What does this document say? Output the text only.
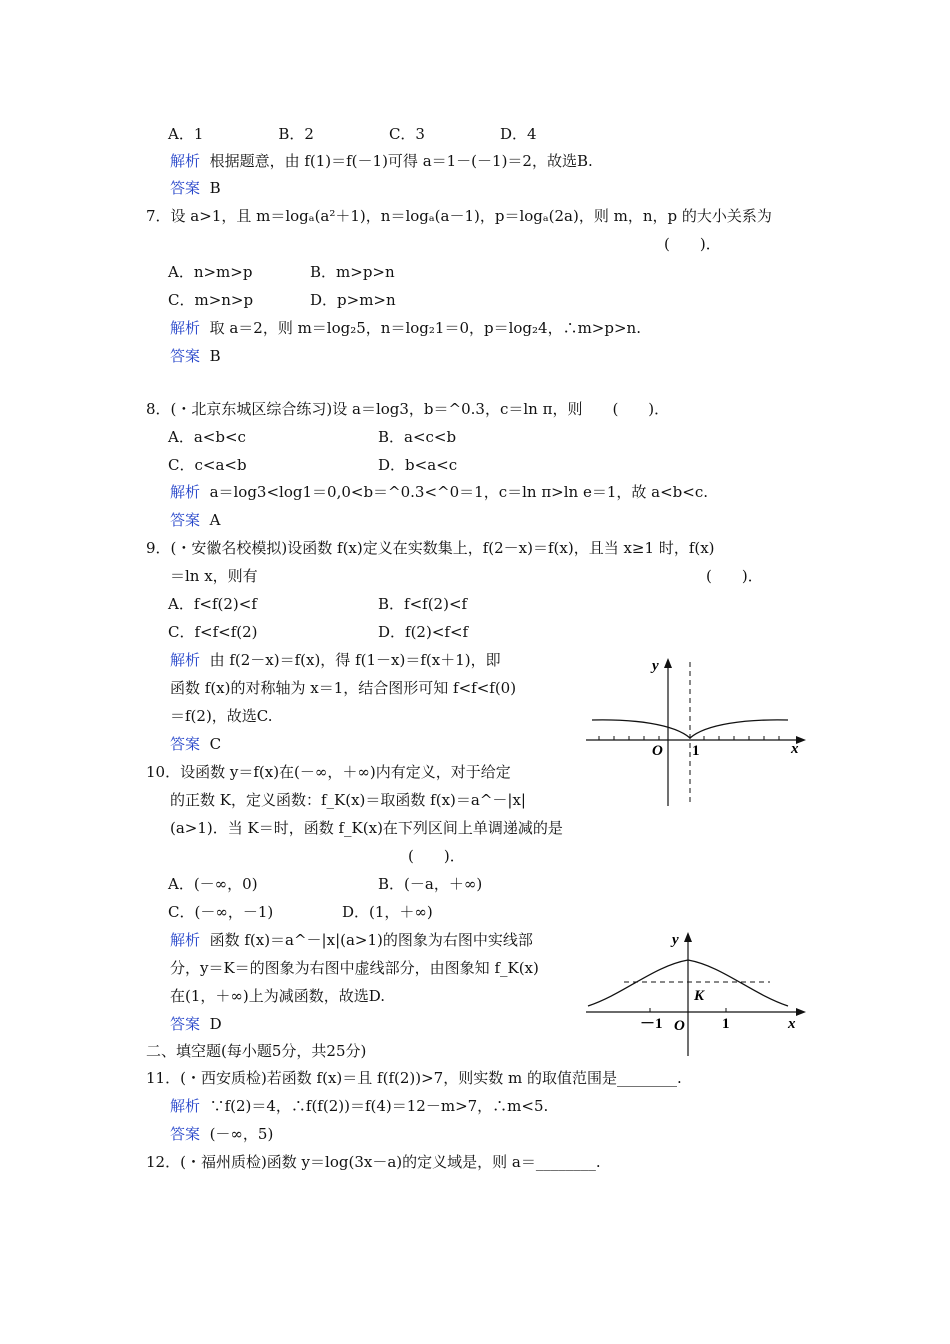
A．1　　　　　B．2　　　　　C．3　　　　　D．4
解析 根据题意，由 f(1)＝f(－1)可得 a＝1－(－1)＝2，故选B.
答案 B
7．设 a>1，且 m＝logₐ(a²＋1)，n＝logₐ(a－1)，p＝logₐ(2a)，则 m，n，p 的大小关系为
(　　)．
A．n>m>p	B．m>p>n
C．m>n>p	D．p>m>n
解析 取 a＝2，则 m＝log₂5，n＝log₂1＝0，p＝log₂4，∴m>p>n.
答案 B
8．(・北京东城区综合练习)设 a＝log3，b＝^0.3，c＝ln π，则　　(　　)．
A．a<b<c	B．a<c<b
C．c<a<b	D．b<a<c
解析 a＝log3<log1＝0,0<b＝^0.3<^0＝1，c＝ln π>ln e＝1，故 a<b<c.
答案 A
9．(・安徽名校模拟)设函数 f(x)定义在实数集上，f(2－x)＝f(x)，且当 x≥1 时，f(x)
＝ln x，则有	(　　)．
A．f<f(2)<f	B．f<f(2)<f
C．f<f<f(2)	D．f(2)<f<f
解析 由 f(2－x)＝f(x)，得 f(1－x)＝f(x＋1)，即
函数 f(x)的对称轴为 x＝1，结合图形可知 f<f<f(0)
＝f(2)，故选C.
答案 C
y
O 1	x
10．设函数 y＝f(x)在(－∞，＋∞)内有定义，对于给定
的正数 K，定义函数：f_K(x)＝取函数 f(x)＝a^－|x|
(a>1)．当 K＝时，函数 f_K(x)在下列区间上单调递减的是
(　　)．
A．(－∞，0)	B．(－a，＋∞)
C．(－∞，－1)	D．(1，＋∞)
解析 函数 f(x)＝a^－|x|(a>1)的图象为右图中实线部
分，y＝K＝的图象为右图中虚线部分，由图象知 f_K(x)
在(1，＋∞)上为减函数，故选D.
答案 D
y
K
－1 O 1	x
二、填空题(每小题5分，共25分)
11．(・西安质检)若函数 f(x)＝且 f(f(2))>7，则实数 m 的取值范围是________.
解析 ∵f(2)＝4，∴f(f(2))＝f(4)＝12－m>7，∴m<5.
答案 (－∞，5)
12．(・福州质检)函数 y＝log(3x－a)的定义域是，则 a＝________.
